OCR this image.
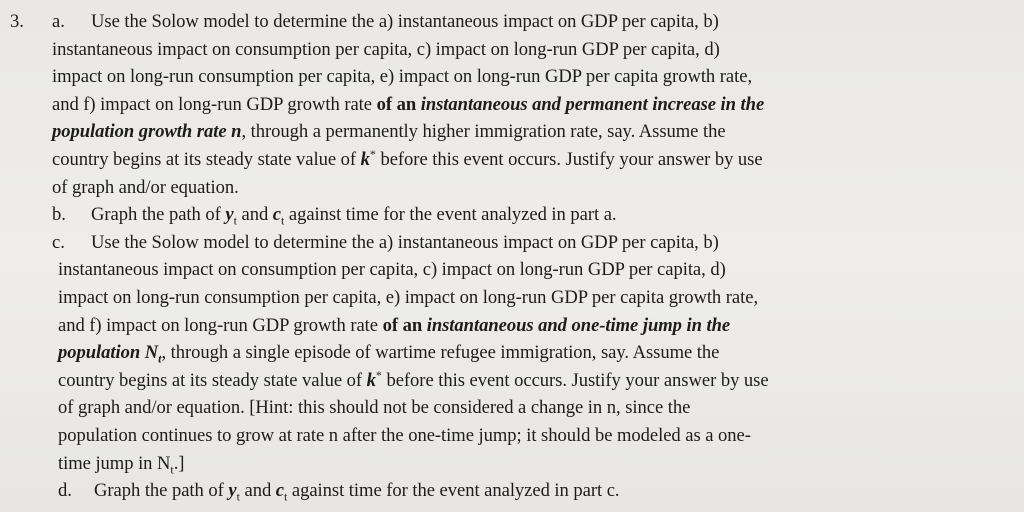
3. a.	Use the Solow model to determine the a) instantaneous impact on GDP per capita, b)
instantaneous impact on consumption per capita, c) impact on long-run GDP per capita, d)
impact on long-run consumption per capita, e) impact on long-run GDP per capita growth rate,
and f) impact on long-run GDP growth rate of an instantaneous and permanent increase in the
population growth rate n, through a permanently higher immigration rate, say. Assume the
country begins at its steady state value of k* before this event occurs. Justify your answer by use
of graph and/or equation.
b.	Graph the path of $y_t$ and $c_t$ against time for the event analyzed in part a.
c.	Use the Solow model to determine the a) instantaneous impact on GDP per capita, b)
instantaneous impact on consumption per capita, c) impact on long-run GDP per capita, d)
impact on long-run consumption per capita, e) impact on long-run GDP per capita growth rate,
and f) impact on long-run GDP growth rate of an instantaneous and one-time jump in the
population $N_t$, through a single episode of wartime refugee immigration, say. Assume the
country begins at its steady state value of k* before this event occurs. Justify your answer by use
of graph and/or equation. [Hint: this should not be considered a change in n, since the
population continues to grow at rate n after the one-time jump; it should be modeled as a one-
time jump in $N_t$.]
d.	Graph the path of $y_t$ and $c_t$ against time for the event analyzed in part c.
